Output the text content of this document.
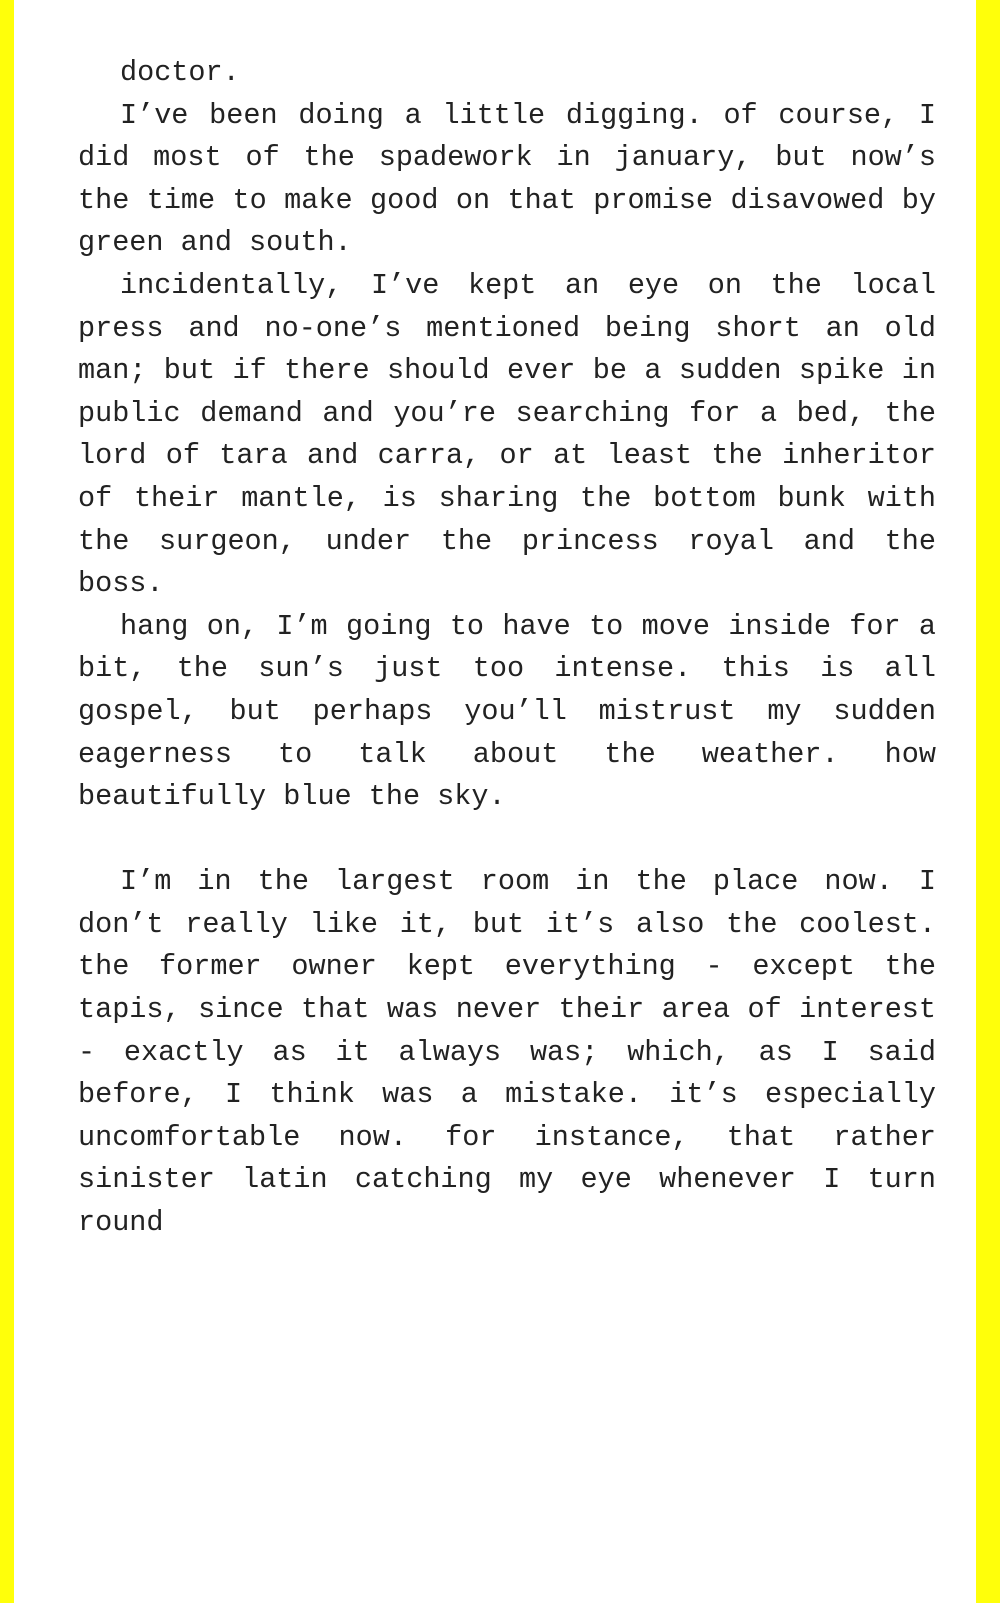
doctor.

I’ve been doing a little digging. of course, I did most of the spadework in january, but now’s the time to make good on that promise disavowed by green and south.

incidentally, I’ve kept an eye on the local press and no-one’s mentioned being short an old man; but if there should ever be a sudden spike in public demand and you’re searching for a bed, the lord of tara and carra, or at least the inheritor of their mantle, is sharing the bottom bunk with the surgeon, under the princess royal and the boss.

hang on, I’m going to have to move inside for a bit, the sun’s just too intense. this is all gospel, but perhaps you’ll mistrust my sudden eagerness to talk about the weather. how beautifully blue the sky.

I’m in the largest room in the place now. I don’t really like it, but it’s also the coolest. the former owner kept everything - except the tapis, since that was never their area of interest - exactly as it always was; which, as I said before, I think was a mistake. it’s especially uncomfortable now. for instance, that rather sinister latin catching my eye whenever I turn round
